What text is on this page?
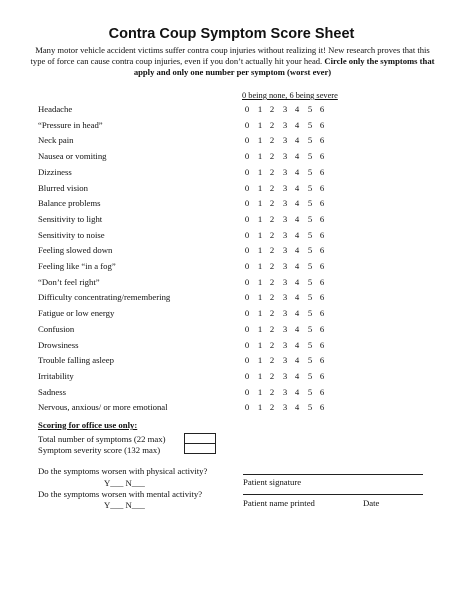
Contra Coup Symptom Score Sheet
Many motor vehicle accident victims suffer contra coup injuries without realizing it! New research proves that this type of force can cause contra coup injuries, even if you don’t actually hit your head. Circle only the symptoms that apply and only one number per symptom (worst ever)
0 being none, 6 being severe
Headache	0 1 2 3 4 5 6
“Pressure in head”	0 1 2 3 4 5 6
Neck pain	0 1 2 3 4 5 6
Nausea or vomiting	0 1 2 3 4 5 6
Dizziness	0 1 2 3 4 5 6
Blurred vision	0 1 2 3 4 5 6
Balance problems	0 1 2 3 4 5 6
Sensitivity to light	0 1 2 3 4 5 6
Sensitivity to noise	0 1 2 3 4 5 6
Feeling slowed down	0 1 2 3 4 5 6
Feeling like “in a fog”	0 1 2 3 4 5 6
“Don’t feel right”	0 1 2 3 4 5 6
Difficulty concentrating/remembering	0 1 2 3 4 5 6
Fatigue or low energy	0 1 2 3 4 5 6
Confusion	0 1 2 3 4 5 6
Drowsiness	0 1 2 3 4 5 6
Trouble falling asleep	0 1 2 3 4 5 6
Irritability	0 1 2 3 4 5 6
Sadness	0 1 2 3 4 5 6
Nervous, anxious/ or more emotional	0 1 2 3 4 5 6
Scoring for office use only:
Total number of symptoms (22 max)
Symptom severity score (132 max)
Do the symptoms worsen with physical activity?
Y___ N___
Do the symptoms worsen with mental activity?
Y___ N___
Patient signature
Patient name printed	Date
